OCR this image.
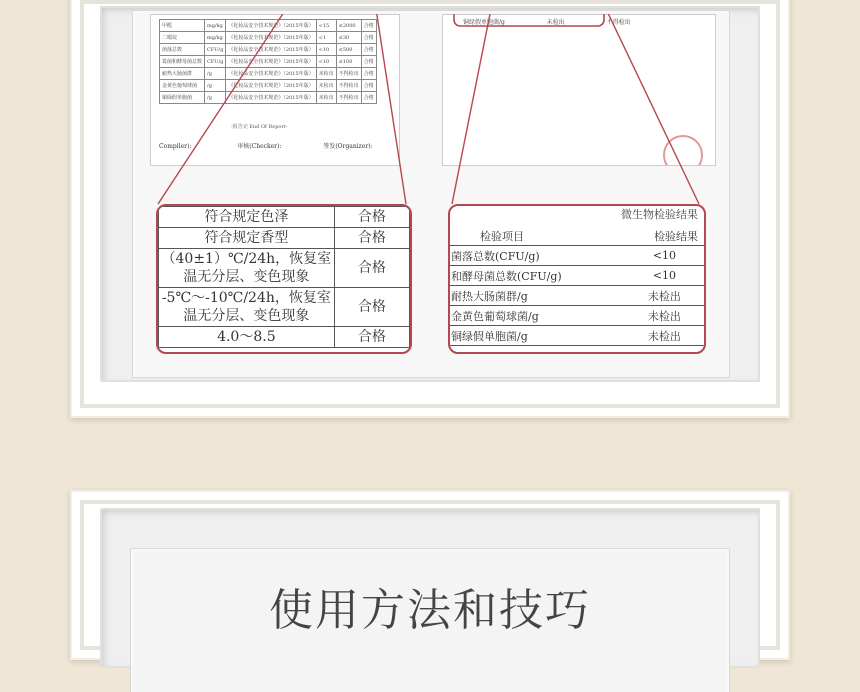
甲醛	mg/kg	《化妆品安全技术规范》（2015年版）	<15	≤2000	合格
二噁烷	mg/kg	《化妆品安全技术规范》（2015年版）	<1	≤30	合格
菌落总数	CFU/g	《化妆品安全技术规范》（2015年版）	<10	≤500	合格
霉菌和酵母菌总数	CFU/g	《化妆品安全技术规范》（2015年版）	<10	≤100	合格
耐热大肠菌群	/g	《化妆品安全技术规范》（2015年版）	未检出	不得检出	合格
金黄色葡萄球菌	/g	《化妆品安全技术规范》（2015年版）	未检出	不得检出	合格
铜绿假单胞菌	/g	《化妆品安全技术规范》（2015年版）	未检出	不得检出	合格
-报告完 End Of Report-
Compiler):	审核(Checker):	签发(Organizer):
铜绿假单胞菌/g	未检出	不得检出
符合规定色泽	合格
符合规定香型	合格
（40±1）℃/24h，恢复室温无分层、变色现象	合格
-5℃～-10℃/24h，恢复室温无分层、变色现象	合格
4.0～8.5	合格
微生物检验结果
检验项目	检验结果
菌落总数(CFU/g)	<10
和酵母菌总数(CFU/g)	<10
耐热大肠菌群/g	未检出
金黄色葡萄球菌/g	未检出
铜绿假单胞菌/g	未检出
使用方法和技巧
